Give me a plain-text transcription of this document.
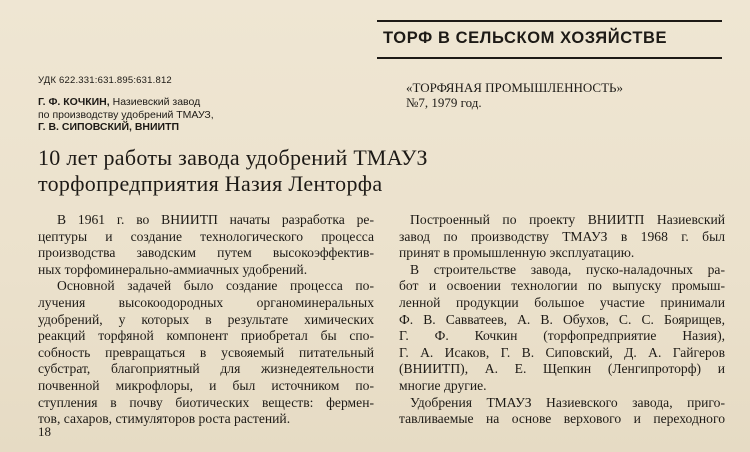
ТОРФ В СЕЛЬСКОМ ХОЗЯЙСТВЕ
УДК 622.331:631.895:631.812	«ТОРФЯНАЯ ПРОМЫШЛЕННОСТЬ»
№7, 1979 год.
Г. Ф. КОЧКИН, Назиевский завод
по производству удобрений ТМАУЗ,
Г. В. СИПОВСКИЙ, ВНИИТП
10 лет работы завода удобрений ТМАУЗ
торфопредприятия Назия Ленторфа
В 1961 г. во ВНИИТП начаты разработка ре-
цептуры и создание технологического процесса
производства заводским путем высокоэффектив-
ных торфоминерально-аммиачных удобрений.
Основной задачей было создание процесса по-
лучения высокоодородных органоминеральных
удобрений, у которых в результате химических
реакций торфяной компонент приобретал бы спо-
собность превращаться в усвояемый питательный
субстрат, благоприятный для жизнедеятельности
почвенной микрофлоры, и был источником по-
ступления в почву биотических веществ: фермен-
тов, сахаров, стимуляторов роста растений.
Построенный по проекту ВНИИТП Назиевский
завод по производству ТМАУЗ в 1968 г. был
принят в промышленную эксплуатацию.
В строительстве завода, пуско-наладочных ра-
бот и освоении технологии по выпуску промыш-
ленной продукции большое участие принимали
Ф. В. Савватеев, А. В. Обухов, С. С. Боярищев,
Г. Ф. Кочкин (торфопредприятие Назия),
Г. А. Исаков, Г. В. Сиповский, Д. А. Гайгеров
(ВНИИТП), А. Е. Щепкин (Ленгипроторф) и
многие другие.
Удобрения ТМАУЗ Назиевского завода, приго-
тавливаемые на основе верхового и переходного
18
